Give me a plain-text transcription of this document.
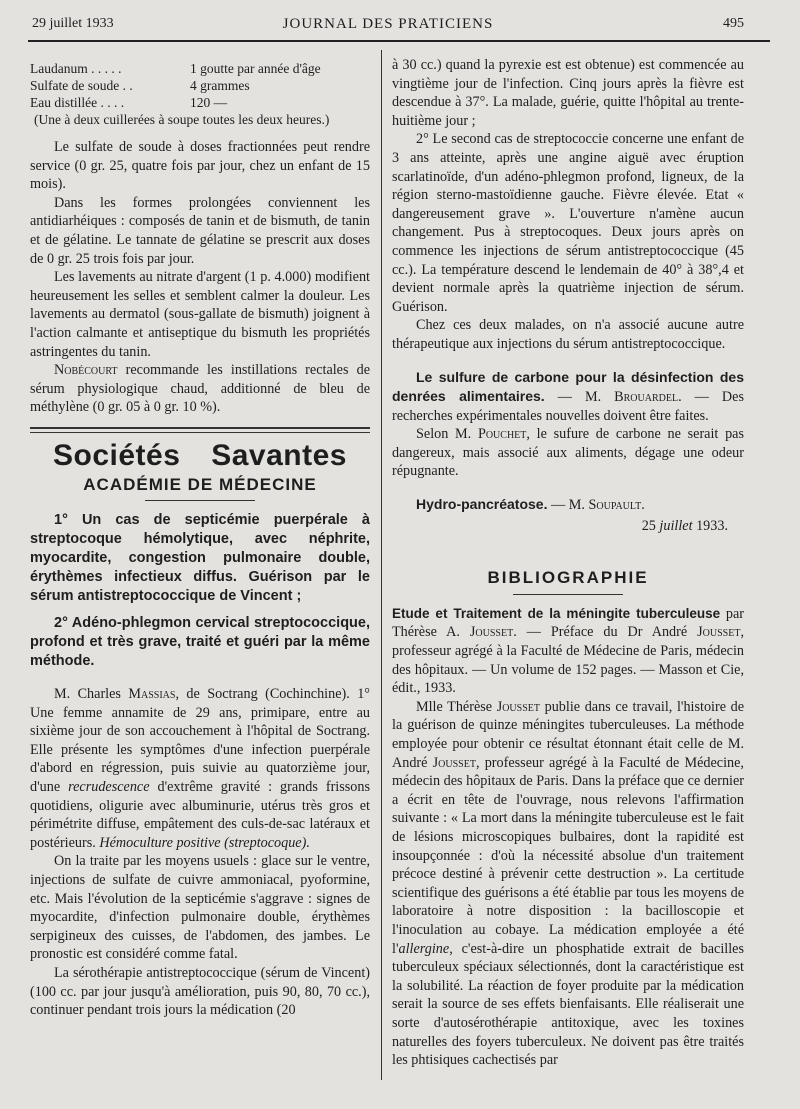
29 juillet 1933	JOURNAL DES PRATICIENS	495
Laudanum . . . . .	1 goutte par année d'âge
Sulfate de soude . .	4 grammes
Eau distillée . . . .	120 —
(Une à deux cuillerées à soupe toutes les deux heures.)

Le sulfate de soude à doses fractionnées peut rendre service (0 gr. 25, quatre fois par jour, chez un enfant de 15 mois).

Dans les formes prolongées conviennent les antidiarhéiques : composés de tanin et de bismuth, de tanin et de gélatine. Le tannate de gélatine se prescrit aux doses de 0 gr. 25 trois fois par jour.

Les lavements au nitrate d'argent (1 p. 4.000) modifient heureusement les selles et semblent calmer la douleur. Les lavements au dermatol (sous-gallate de bismuth) joignent à l'action calmante et antiseptique du bismuth les propriétés astringentes du tanin.

Nobécourt recommande les instillations rectales de sérum physiologique chaud, additionné de bleu de méthylène (0 gr. 05 à 0 gr. 10 %).

Sociétés Savantes
ACADÉMIE DE MÉDECINE

1° Un cas de septicémie puerpérale à streptocoque hémolytique, avec néphrite, myocardite, congestion pulmonaire double, érythèmes infectieux diffus. Guérison par le sérum antistreptococcique de Vincent ;

2° Adéno-phlegmon cervical streptococcique, profond et très grave, traité et guéri par la même méthode.

M. Charles Massias, de Soctrang (Cochinchine). 1° Une femme annamite de 29 ans, primipare, entre au sixième jour de son accouchement à l'hôpital de Soctrang. Elle présente les symptômes d'une infection puerpérale d'abord en régression, puis suivie au quatorzième jour, d'une recrudescence d'extrême gravité : grands frissons quotidiens, oligurie avec albuminurie, utérus très gros et périmétrite diffuse, empâtement des culs-de-sac latéraux et postérieurs. Hémoculture positive (streptocoque).

On la traite par les moyens usuels : glace sur le ventre, injections de sulfate de cuivre ammoniacal, pyoformine, etc. Mais l'évolution de la septicémie s'aggrave : signes de myocardite, d'infection pulmonaire double, érythèmes serpigineux des cuisses, de l'abdomen, des jambes. Le pronostic est considéré comme fatal.

La sérothérapie antistreptococcique (sérum de Vincent) (100 cc. par jour jusqu'à amélioration, puis 90, 80, 70 cc.), continuer pendant trois jours la médication (20

à 30 cc.) quand la pyrexie est est obtenue) est commencée au vingtième jour de l'infection. Cinq jours après la fièvre est descendue à 37°. La malade, guérie, quitte l'hôpital au trente-huitième jour ;

2° Le second cas de streptococcie concerne une enfant de 3 ans atteinte, après une angine aiguë avec éruption scarlatinoïde, d'un adéno-phlegmon profond, ligneux, de la région sterno-mastoïdienne gauche. Fièvre élevée. Etat « dangereusement grave ». L'ouverture n'amène aucun changement. Pus à streptocoques. Deux jours après on commence les injections de sérum antistreptococcique (45 cc.). La température descend le lendemain de 40° à 38°,4 et devient normale après la quatrième injection de sérum. Guérison.

Chez ces deux malades, on n'a associé aucune autre thérapeutique aux injections du sérum antistreptococcique.

Le sulfure de carbone pour la désinfection des denrées alimentaires. — M. Brouardel. — Des recherches expérimentales nouvelles doivent être faites.

Selon M. Pouchet, le sufure de carbone ne serait pas dangereux, mais associé aux aliments, dégage une odeur répugnante.

Hydro-pancréatose. — M. Soupault.

25 juillet 1933.

BIBLIOGRAPHIE

Etude et Traitement de la méningite tuberculeuse par Thérèse A. Jousset. — Préface du Dr André Jousset, professeur agrégé à la Faculté de Médecine de Paris, médecin des hôpitaux. — Un volume de 152 pages. — Masson et Cie, édit., 1933.

Mlle Thérèse Jousset publie dans ce travail, l'histoire de la guérison de quinze méningites tuberculeuses. La méthode employée pour obtenir ce résultat étonnant était celle de M. André Jousset, professeur agrégé à la Faculté de Médecine, médecin des hôpitaux de Paris. Dans la préface que ce dernier a écrit en tête de l'ouvrage, nous relevons l'affirmation suivante : « La mort dans la méningite tuberculeuse est le fait de lésions microscopiques bulbaires, dont la rapidité est insoupçonnée : d'où la nécessité absolue d'un traitement précoce destiné à prévenir cette destruction ». La certitude scientifique des guérisons a été établie par tous les moyens de laboratoire à notre disposition : la bacilloscopie et l'inoculation au cobaye. La médication employée a été l'allergine, c'est-à-dire un phosphatide extrait de bacilles tuberculeux spéciaux sélectionnés, dont la caractéristique est la solubilité. La réaction de foyer produite par la médication serait la source de ses effets bienfaisants. Elle réaliserait une sorte d'autosérothérapie antitoxique, avec les toxines naturelles des foyers tuberculeux. Ne doivent pas être traités les phtisiques cachectisés par
